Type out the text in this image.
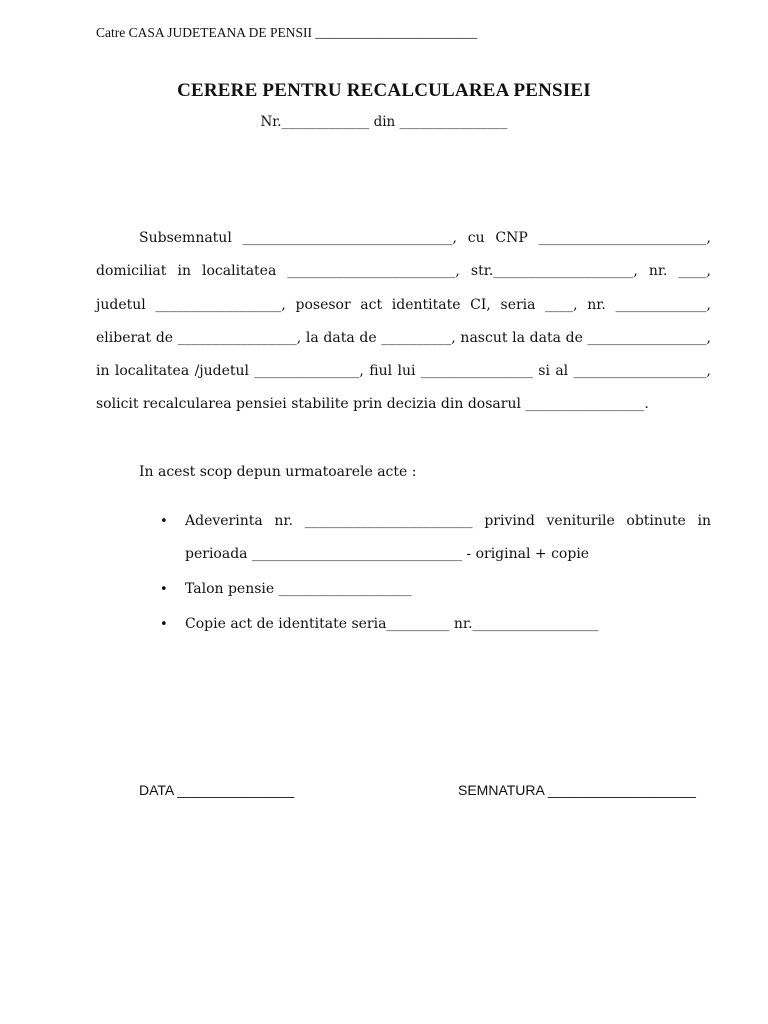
Catre CASA JUDETEANA DE PENSII ________________________
CERERE PENTRU RECALCULAREA PENSIEI
Nr._____________ din ________________

Subsemnatul ______________________________, cu CNP ________________________, domiciliat in localitatea ________________________, str.____________________, nr. ____, judetul __________________, posesor act identitate CI, seria ____, nr. _____________, eliberat de _________________, la data de __________, nascut la data de _________________, in localitatea /judetul _______________, fiul lui ________________ si al ___________________, solicit recalcularea pensiei stabilite prin decizia din dosarul _________________.

In acest scop depun urmatoarele acte :
• Adeverinta nr. ________________________ privind veniturile obtinute in perioada ______________________________ - original + copie
• Talon pensie ___________________
• Copie act de identitate seria_________ nr.__________________
DATA _______________	SEMNATURA ___________________
